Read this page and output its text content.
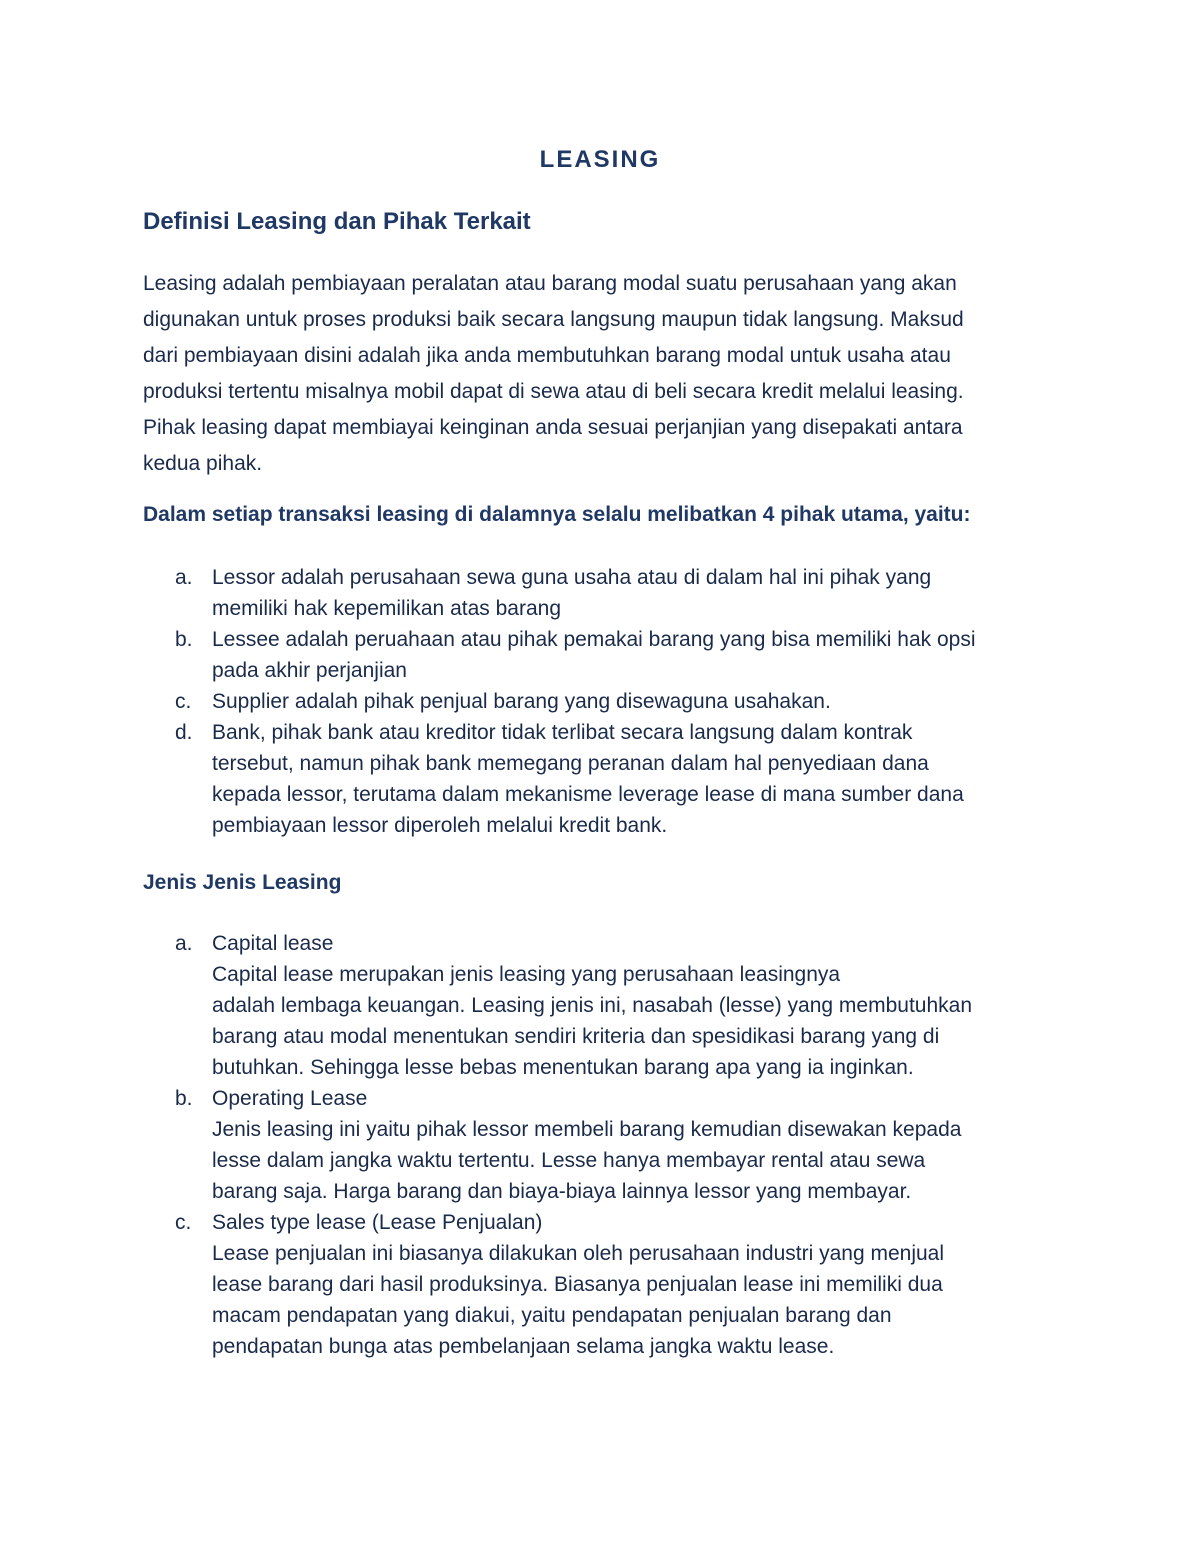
LEASING
Definisi Leasing dan Pihak Terkait

Leasing adalah pembiayaan peralatan atau barang modal suatu perusahaan yang akan

digunakan untuk proses produksi baik secara langsung maupun tidak langsung. Maksud

dari pembiayaan disini adalah jika anda membutuhkan barang modal untuk usaha atau

produksi tertentu misalnya mobil dapat di sewa atau di beli secara kredit melalui leasing.

Pihak leasing dapat membiayai keinginan anda sesuai perjanjian yang disepakati antara

kedua pihak.

Dalam setiap transaksi leasing di dalamnya selalu melibatkan 4 pihak utama, yaitu:
a. Lessor adalah perusahaan sewa guna usaha atau di dalam hal ini pihak yang
memiliki hak kepemilikan atas barang
b. Lessee adalah peruahaan atau pihak pemakai barang yang bisa memiliki hak opsi
pada akhir perjanjian
c. Supplier adalah pihak penjual barang yang disewaguna usahakan.
d. Bank, pihak bank atau kreditor tidak terlibat secara langsung dalam kontrak
tersebut, namun pihak bank memegang peranan dalam hal penyediaan dana
kepada lessor, terutama dalam mekanisme leverage lease di mana sumber dana
pembiayaan lessor diperoleh melalui kredit bank.
Jenis Jenis Leasing
a. Capital lease
Capital lease merupakan jenis leasing yang perusahaan leasingnya
adalah lembaga keuangan. Leasing jenis ini, nasabah (lesse) yang membutuhkan
barang atau modal menentukan sendiri kriteria dan spesidikasi barang yang di
butuhkan. Sehingga lesse bebas menentukan barang apa yang ia inginkan.
b. Operating Lease
Jenis leasing ini yaitu pihak lessor membeli barang kemudian disewakan kepada
lesse dalam jangka waktu tertentu. Lesse hanya membayar rental atau sewa
barang saja. Harga barang dan biaya-biaya lainnya lessor yang membayar.
c. Sales type lease (Lease Penjualan)
Lease penjualan ini biasanya dilakukan oleh perusahaan industri yang menjual
lease barang dari hasil produksinya. Biasanya penjualan lease ini memiliki dua
macam pendapatan yang diakui, yaitu pendapatan penjualan barang dan
pendapatan bunga atas pembelanjaan selama jangka waktu lease.
